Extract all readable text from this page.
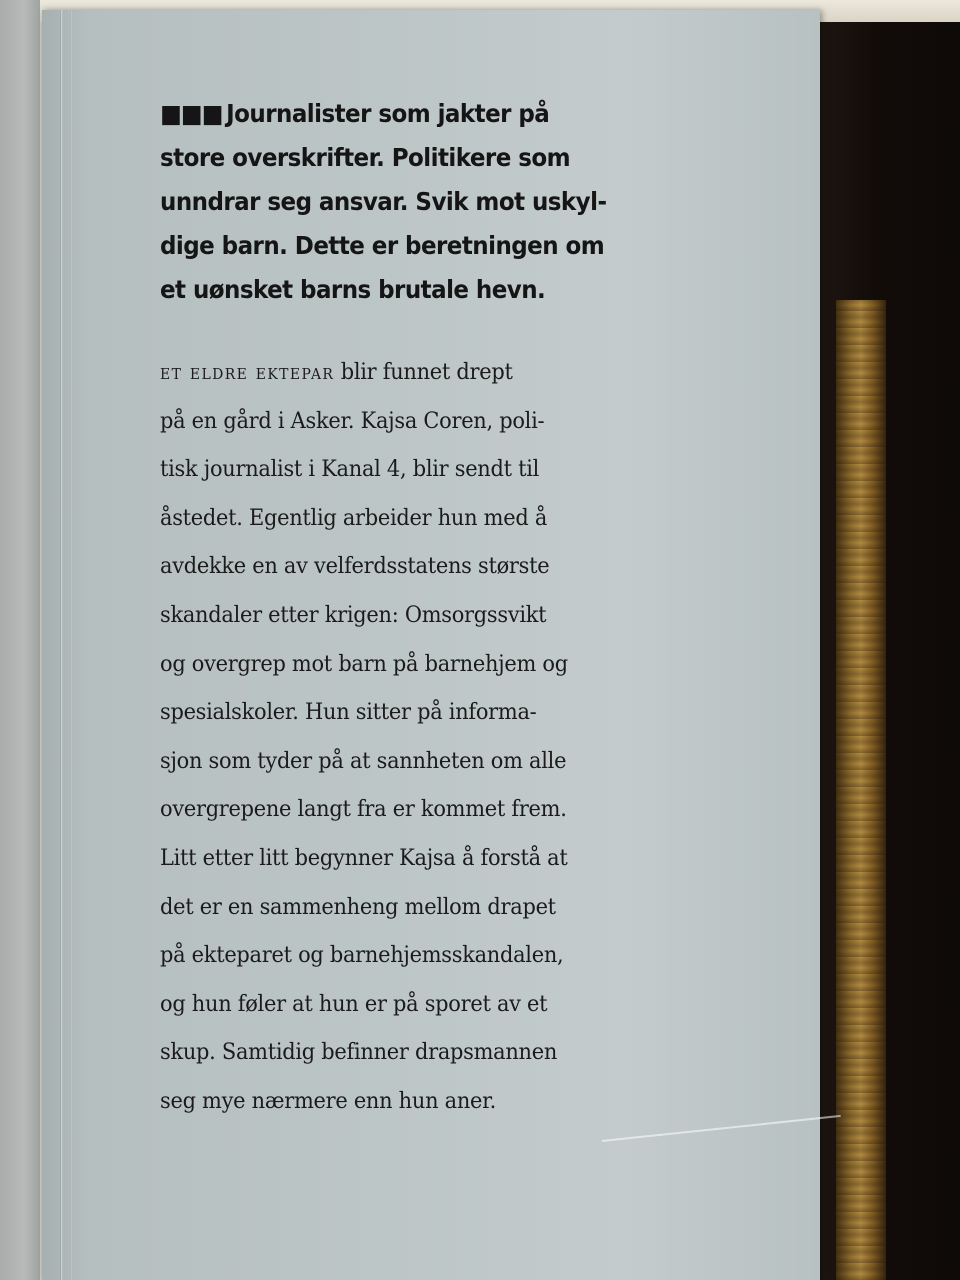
■■■ Journalister som jakter på
store overskrifter. Politikere som
unndrar seg ansvar. Svik mot uskyl-
dige barn. Dette er beretningen om
et uønsket barns brutale hevn.

et eldre ektepar blir funnet drept
på en gård i Asker. Kajsa Coren, poli-
tisk journalist i Kanal 4, blir sendt til
åstedet. Egentlig arbeider hun med å
avdekke en av velferdsstatens største
skandaler etter krigen: Omsorgssvikt
og overgrep mot barn på barnehjem og
spesialskoler. Hun sitter på informa-
sjon som tyder på at sannheten om alle
overgrepene langt fra er kommet frem.
Litt etter litt begynner Kajsa å forstå at
det er en sammenheng mellom drapet
på ekteparet og barnehjemsskandalen,
og hun føler at hun er på sporet av et
skup. Samtidig befinner drapsmannen
seg mye nærmere enn hun aner.
